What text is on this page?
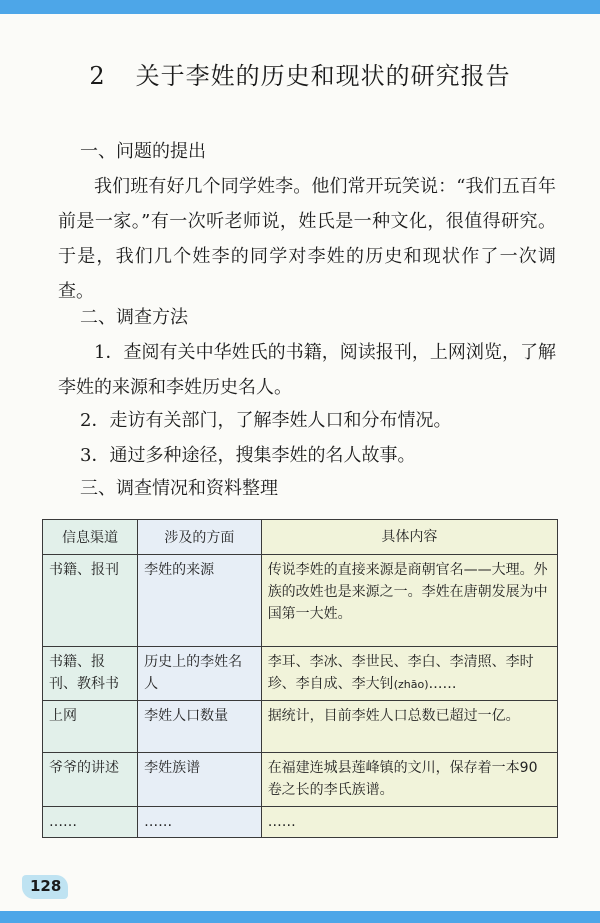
2 关于李姓的历史和现状的研究报告
一、问题的提出
我们班有好几个同学姓李。他们常开玩笑说：“我们五百年前是一家。”有一次听老师说，姓氏是一种文化，很值得研究。于是，我们几个姓李的同学对李姓的历史和现状作了一次调查。
二、调查方法
1．查阅有关中华姓氏的书籍，阅读报刊，上网浏览，了解李姓的来源和李姓历史名人。
2．走访有关部门，了解李姓人口和分布情况。
3．通过多种途径，搜集李姓的名人故事。
三、调查情况和资料整理
信息渠道	涉及的方面	具体内容
书籍、报刊	李姓的来源	传说李姓的直接来源是商朝官名——大理。外族的改姓也是来源之一。李姓在唐朝发展为中国第一大姓。
书籍、报刊、教科书	历史上的李姓名人	李耳、李冰、李世民、李白、李清照、李时珍、李自成、李大钊(zhāo)……
上网	李姓人口数量	据统计，目前李姓人口总数已超过一亿。
爷爷的讲述	李姓族谱	在福建连城县莲峰镇的文川，保存着一本90卷之长的李氏族谱。
……	……	……
128
